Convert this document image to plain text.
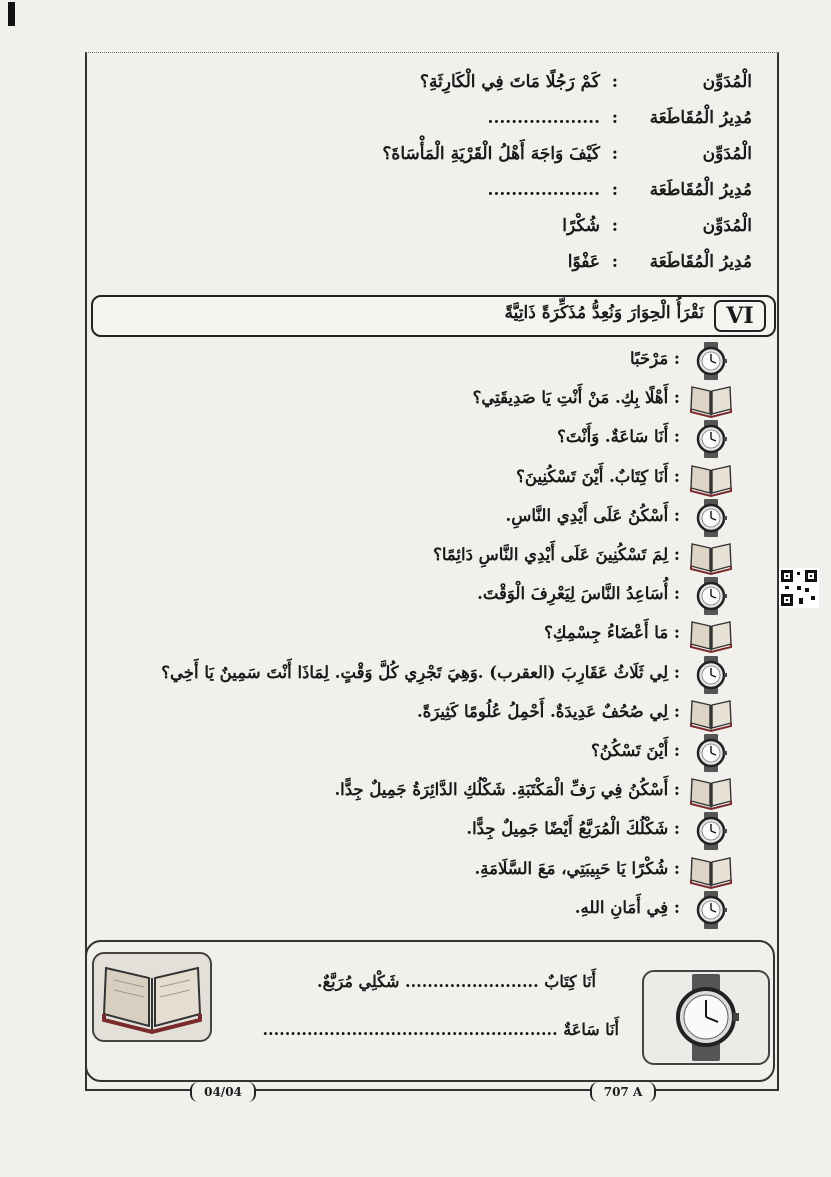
الْمُدَوِّن
:
كَمْ رَجُلًا مَاتَ فِي الْكَارِثَةِ؟
مُدِيرُ الْمُقَاطَعَة
:
...................
الْمُدَوِّن
:
كَيْفَ وَاجَهَ أَهْلُ الْقَرْيَةِ الْمَأْسَاةَ؟
مُدِيرُ الْمُقَاطَعَة
:
...................
الْمُدَوِّن
:
شُكْرًا
مُدِيرُ الْمُقَاطَعَة
:
عَفْوًا
VI
نَقْرَأُ الْحِوَارَ وَنُعِدُّ مُذَكِّرَةً ذَاتِيَّةً
: مَرْحَبًا
: أَهْلًا بِكِ. مَنْ أَنْتِ يَا صَدِيقَتِي؟
: أَنَا سَاعَةٌ. وَأَنْتَ؟
: أَنَا كِتَابٌ. أَيْنَ تَسْكُنِينَ؟
: أَسْكُنُ عَلَى أَيْدِي النَّاسِ.
: لِمَ تَسْكُنِينَ عَلَى أَيْدِي النَّاسِ دَائِمًا؟
: أُسَاعِدُ النَّاسَ لِيَعْرِفَ الْوَقْتَ.
: مَا أَعْضَاءُ جِسْمِكِ؟
: لِي ثَلَاثُ عَقَارِبَ (العقرب) .وَهِيَ تَجْرِي كُلَّ وَقْتٍ. لِمَاذَا أَنْتَ سَمِينٌ يَا أَخِي؟
: لِي صُحُفٌ عَدِيدَةٌ. أَحْمِلُ عُلُومًا كَثِيرَةً.
: أَيْنَ تَسْكُنُ؟
: أَسْكُنُ فِي رَفِّ الْمَكْتَبَةِ. شَكْلُكِ الدَّائِرَةُ جَمِيلٌ جِدًّا.
: شَكْلُكَ الْمُرَبَّعُ أَيْضًا جَمِيلٌ جِدًّا.
: شُكْرًا يَا حَبِيبَتِي، مَعَ السَّلَامَةِ.
: فِي أَمَانِ اللهِ.
أَنَا كِتَابٌ ........................ شَكْلِي مُرَبَّعٌ.
أَنَا سَاعَةٌ .....................................................
04/04	707 A
